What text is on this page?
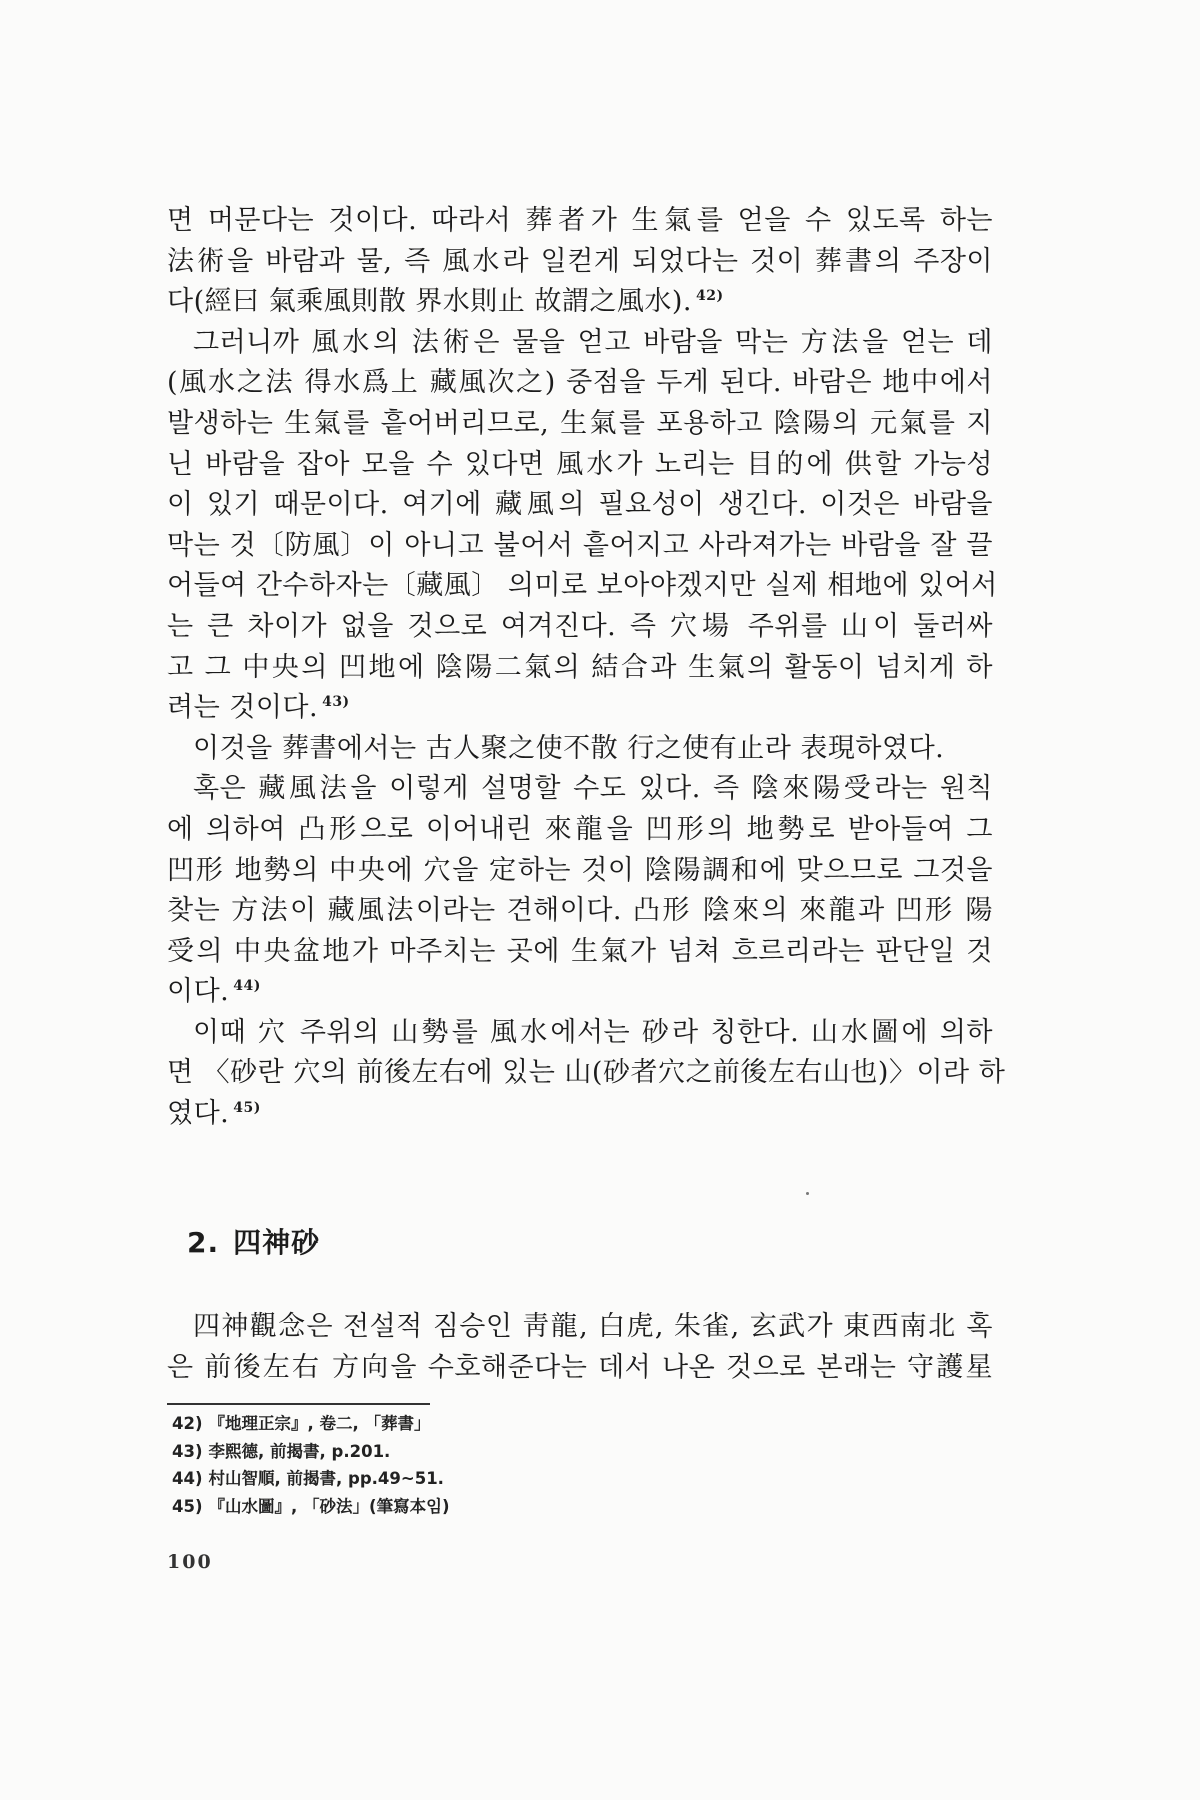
면 머문다는 것이다. 따라서 葬者가 生氣를 얻을 수 있도록 하는
法術을 바람과 물, 즉 風水라 일컫게 되었다는 것이 葬書의 주장이
다(經曰 氣乘風則散 界水則止 故謂之風水). $^{42)}$
그러니까 風水의 法術은 물을 얻고 바람을 막는 方法을 얻는 데
(風水之法 得水爲上 藏風次之) 중점을 두게 된다. 바람은 地中에서
발생하는 生氣를 흩어버리므로, 生氣를 포용하고 陰陽의 元氣를 지
닌 바람을 잡아 모을 수 있다면 風水가 노리는 目的에 供할 가능성
이 있기 때문이다. 여기에 藏風의 필요성이 생긴다. 이것은 바람을
막는 것〔防風〕이 아니고 불어서 흩어지고 사라져가는 바람을 잘 끌
어들여 간수하자는〔藏風〕 의미로 보아야겠지만 실제 相地에 있어서
는 큰 차이가 없을 것으로 여겨진다. 즉 穴場 주위를 山이 둘러싸
고 그 中央의 凹地에 陰陽二氣의 結合과 生氣의 활동이 넘치게 하
려는 것이다. $^{43)}$
이것을 葬書에서는 古人聚之使不散 行之使有止라 表現하였다.
혹은 藏風法을 이렇게 설명할 수도 있다. 즉 陰來陽受라는 원칙
에 의하여 凸形으로 이어내린 來龍을 凹形의 地勢로 받아들여 그
凹形 地勢의 中央에 穴을 定하는 것이 陰陽調和에 맞으므로 그것을
찾는 方法이 藏風法이라는 견해이다. 凸形 陰來의 來龍과 凹形 陽
受의 中央盆地가 마주치는 곳에 生氣가 넘쳐 흐르리라는 판단일 것
이다. $^{44)}$
이때 穴 주위의 山勢를 風水에서는 砂라 칭한다. 山水圖에 의하
면 〈砂란 穴의 前後左右에 있는 山(砂者穴之前後左右山也)〉이라 하
였다. $^{45)}$
2. 四神砂
四神觀念은 전설적 짐승인 靑龍, 白虎, 朱雀, 玄武가 東西南北 혹
은 前後左右 方向을 수호해준다는 데서 나온 것으로 본래는 守護星
42) 『地理正宗』, 卷二, 「葬書」
43) 李熙德, 前揭書, p.201.
44) 村山智順, 前揭書, pp.49~51.
45) 『山水圖』, 「砂法」(筆寫本임)
100
